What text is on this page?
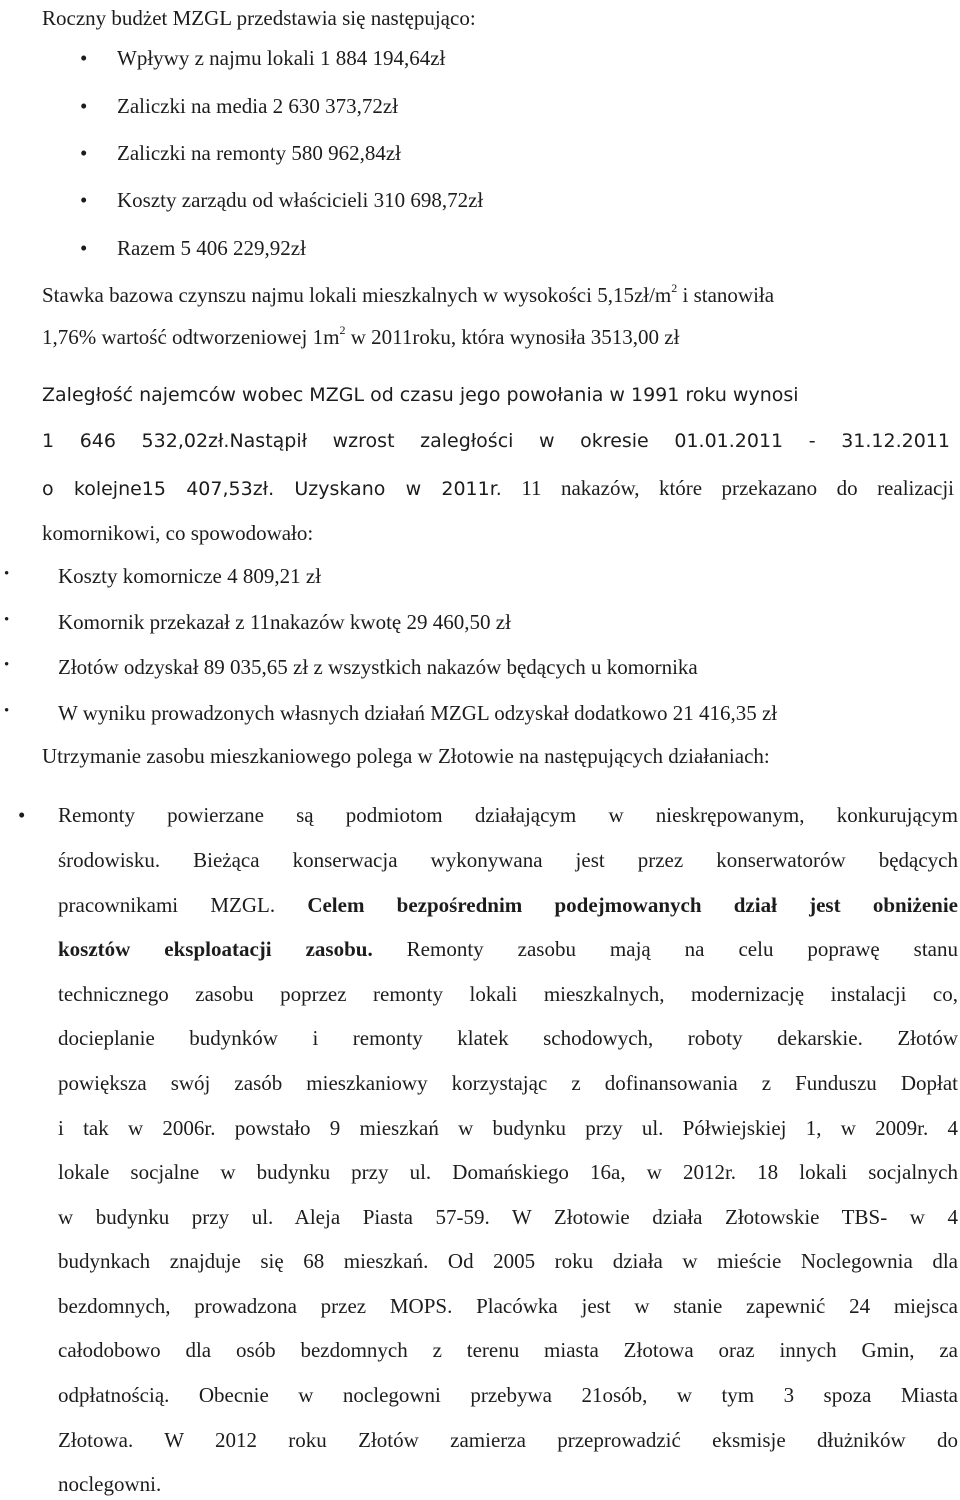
Roczny budżet MZGL przedstawia się następująco:
• Wpływy z najmu lokali 1 884 194,64zł
• Zaliczki na media 2 630 373,72zł
• Zaliczki na remonty 580 962,84zł
• Koszty zarządu od właścicieli 310 698,72zł
• Razem 5 406 229,92zł
Stawka bazowa czynszu najmu lokali mieszkalnych w wysokości $5,15zł/m^2$ i stanowiła
1,76% wartość odtworzeniowej $1m^2$ w 2011roku, która wynosiła 3513,00 zł
Zaległość najemców wobec MZGL od czasu jego powołania w 1991 roku wynosi
1 646 532,02zł.Nastąpił wzrost zaległości w okresie 01.01.2011 - 31.12.2011
o kolejne15 407,53zł. Uzyskano w 2011r. 11 nakazów, które przekazano do realizacji
komornikowi, co spowodowało:
• Koszty komornicze 4 809,21 zł
• Komornik przekazał z 11nakazów kwotę 29 460,50 zł
• Złotów odzyskał 89 035,65 zł z wszystkich nakazów będących u komornika
• W wyniku prowadzonych własnych działań MZGL odzyskał dodatkowo 21 416,35 zł
Utrzymanie zasobu mieszkaniowego polega w Złotowie na następujących działaniach:
• Remonty powierzane są podmiotom działającym w nieskrępowanym, konkurującym
środowisku. Bieżąca konserwacja wykonywana jest przez konserwatorów będących
pracownikami MZGL. Celem bezpośrednim podejmowanych dział jest obniżenie
kosztów eksploatacji zasobu. Remonty zasobu mają na celu poprawę stanu
technicznego zasobu poprzez remonty lokali mieszkalnych, modernizację instalacji co,
docieplanie budynków i remonty klatek schodowych, roboty dekarskie. Złotów
powiększa swój zasób mieszkaniowy korzystając z dofinansowania z Funduszu Dopłat
i tak w 2006r. powstało 9 mieszkań w budynku przy ul. Półwiejskiej 1, w 2009r. 4
lokale socjalne w budynku przy ul. Domańskiego 16a, w 2012r. 18 lokali socjalnych
w budynku przy ul. Aleja Piasta 57-59. W Złotowie działa Złotowskie TBS- w 4
budynkach znajduje się 68 mieszkań. Od 2005 roku działa w mieście Noclegownia dla
bezdomnych, prowadzona przez MOPS. Placówka jest w stanie zapewnić 24 miejsca
całodobowo dla osób bezdomnych z terenu miasta Złotowa oraz innych Gmin, za
odpłatnością. Obecnie w noclegowni przebywa 21osób, w tym 3 spoza Miasta
Złotowa. W 2012 roku Złotów zamierza przeprowadzić eksmisje dłużników do
noclegowni.
